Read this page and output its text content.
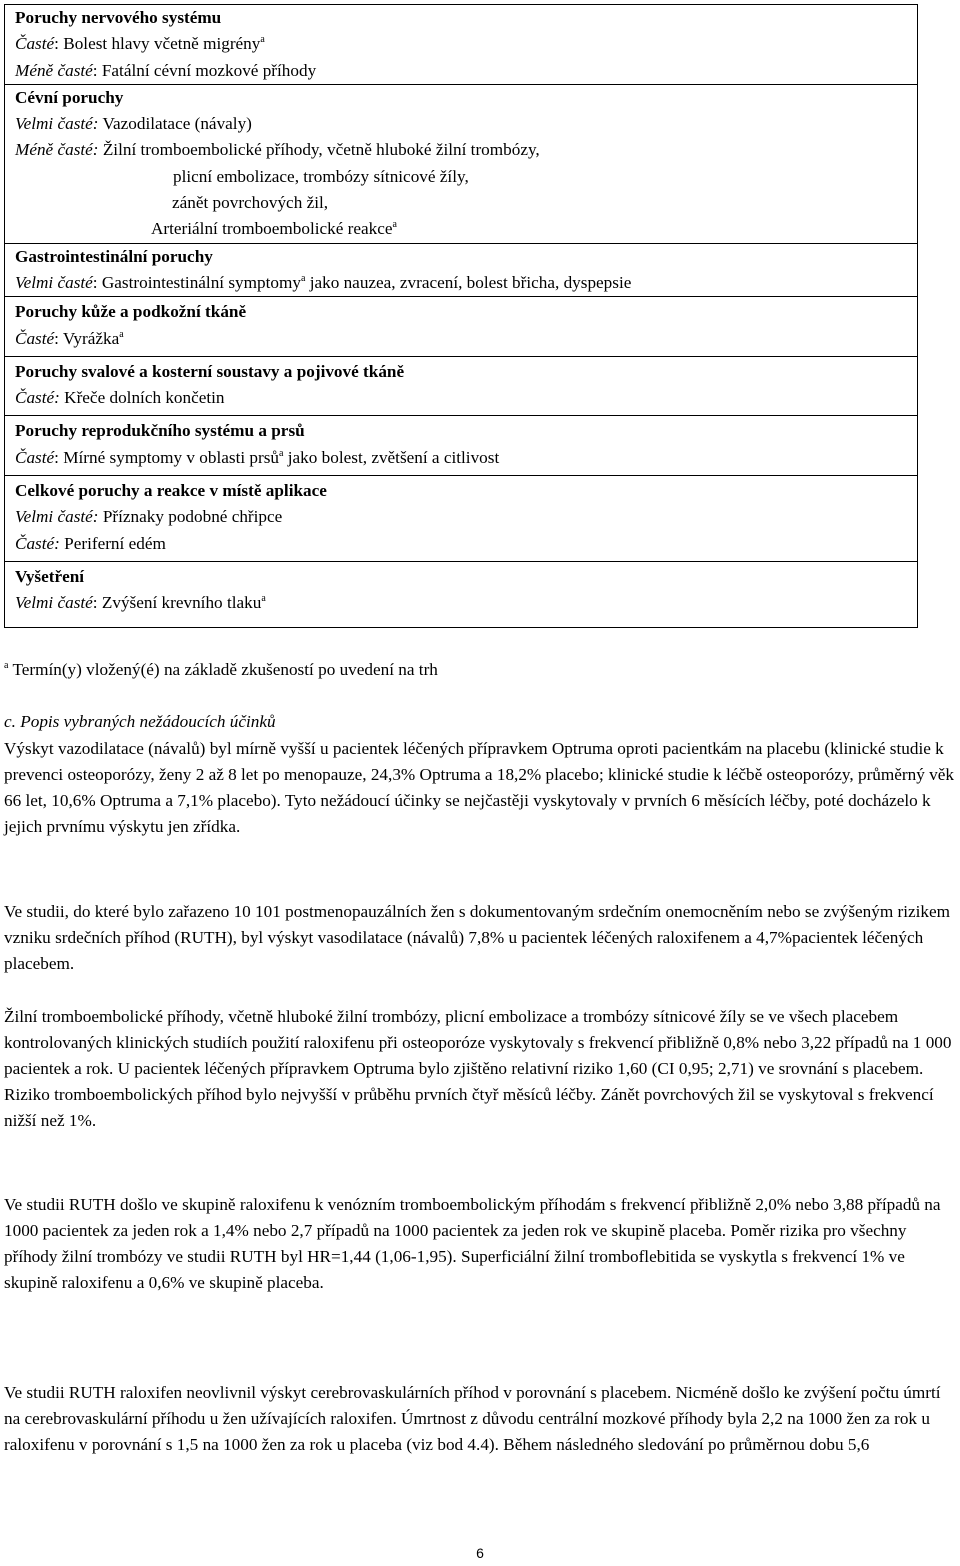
Poruchy nervového systému
Časté: Bolest hlavy včetně migrény$^a$
Méně časté: Fatální cévní mozkové příhody
Cévní poruchy
Velmi časté: Vazodilatace (návaly)
Méně časté: Žilní tromboembolické příhody, včetně hluboké žilní trombózy,
plicní embolizace, trombózy sítnicové žíly,
zánět povrchových žil,
Arteriální tromboembolické reakce$^a$
Gastrointestinální poruchy
Velmi časté: Gastrointestinální symptomy$^a$ jako nauzea, zvracení, bolest břicha, dyspepsie
Poruchy kůže a podkožní tkáně
Časté: Vyrážka$^a$
Poruchy svalové a kosterní soustavy a pojivové tkáně
Časté: Křeče dolních končetin
Poruchy reprodukčního systému a prsů
Časté: Mírné symptomy v oblasti prsů$^a$ jako bolest, zvětšení a citlivost
Celkové poruchy a reakce v místě aplikace
Velmi časté: Příznaky podobné chřipce
Časté: Periferní edém
Vyšetření
Velmi časté: Zvýšení krevního tlaku$^a$
$^a$ Termín(y) vložený(é) na základě zkušeností po uvedení na trh
c. Popis vybraných nežádoucích účinků

Výskyt vazodilatace (návalů) byl mírně vyšší u pacientek léčených přípravkem Optruma oproti pacientkám na placebu (klinické studie k prevenci osteoporózy, ženy 2 až 8 let po menopauze, 24,3% Optruma a 18,2% placebo; klinické studie k léčbě osteoporózy, průměrný věk 66 let, 10,6% Optruma a 7,1% placebo). Tyto nežádoucí účinky se nejčastěji vyskytovaly v prvních 6 měsících léčby, poté docházelo k jejich prvnímu výskytu jen zřídka.

Ve studii, do které bylo zařazeno 10 101 postmenopauzálních žen s dokumentovaným srdečním onemocněním nebo se zvýšeným rizikem vzniku srdečních příhod (RUTH), byl výskyt vasodilatace (návalů) 7,8% u pacientek léčených raloxifenem a 4,7%pacientek léčených placebem.

Žilní tromboembolické příhody, včetně hluboké žilní trombózy, plicní embolizace a trombózy sítnicové žíly se ve všech placebem kontrolovaných klinických studiích použití raloxifenu při osteoporóze vyskytovaly s frekvencí přibližně 0,8% nebo 3,22 případů na 1 000 pacientek a rok. U pacientek léčených přípravkem Optruma bylo zjištěno relativní riziko 1,60 (CI 0,95; 2,71) ve srovnání s placebem. Riziko tromboembolických příhod bylo nejvyšší v průběhu prvních čtyř měsíců léčby. Zánět povrchových žil se vyskytoval s frekvencí nižší než 1%.

Ve studii RUTH došlo ve skupině raloxifenu k venózním tromboembolickým příhodám s frekvencí přibližně 2,0% nebo 3,88 případů na 1000 pacientek za jeden rok a 1,4% nebo 2,7 případů na 1000 pacientek za jeden rok ve skupině placeba. Poměr rizika pro všechny příhody žilní trombózy ve studii RUTH byl HR=1,44 (1,06-1,95). Superficiální žilní tromboflebitida se vyskytla s frekvencí 1% ve skupině raloxifenu a 0,6% ve skupině placeba.

Ve studii RUTH raloxifen neovlivnil výskyt cerebrovaskulárních příhod v porovnání s placebem. Nicméně došlo ke zvýšení počtu úmrtí na cerebrovaskulární příhodu u žen užívajících raloxifen. Úmrtnost z důvodu centrální mozkové příhody byla 2,2 na 1000 žen za rok u raloxifenu v porovnání s 1,5 na 1000 žen za rok u placeba (viz bod 4.4). Během následného sledování po průměrnou dobu 5,6

6
